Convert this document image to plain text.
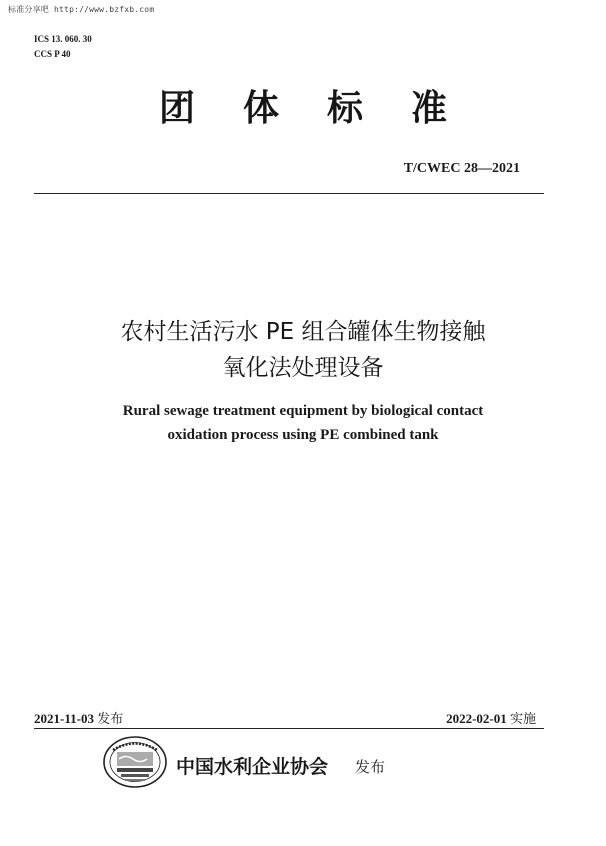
标准分享吧 http://www.bzfxb.com
ICS 13. 060. 30
CCS P 40
团体标准
T/CWEC 28—2021
农村生活污水 PE 组合罐体生物接触
氧化法处理设备
Rural sewage treatment equipment by biological contact
oxidation process using PE combined tank
2021-11-03 发布	2022-02-01 实施
中国水利企业协会 发布
